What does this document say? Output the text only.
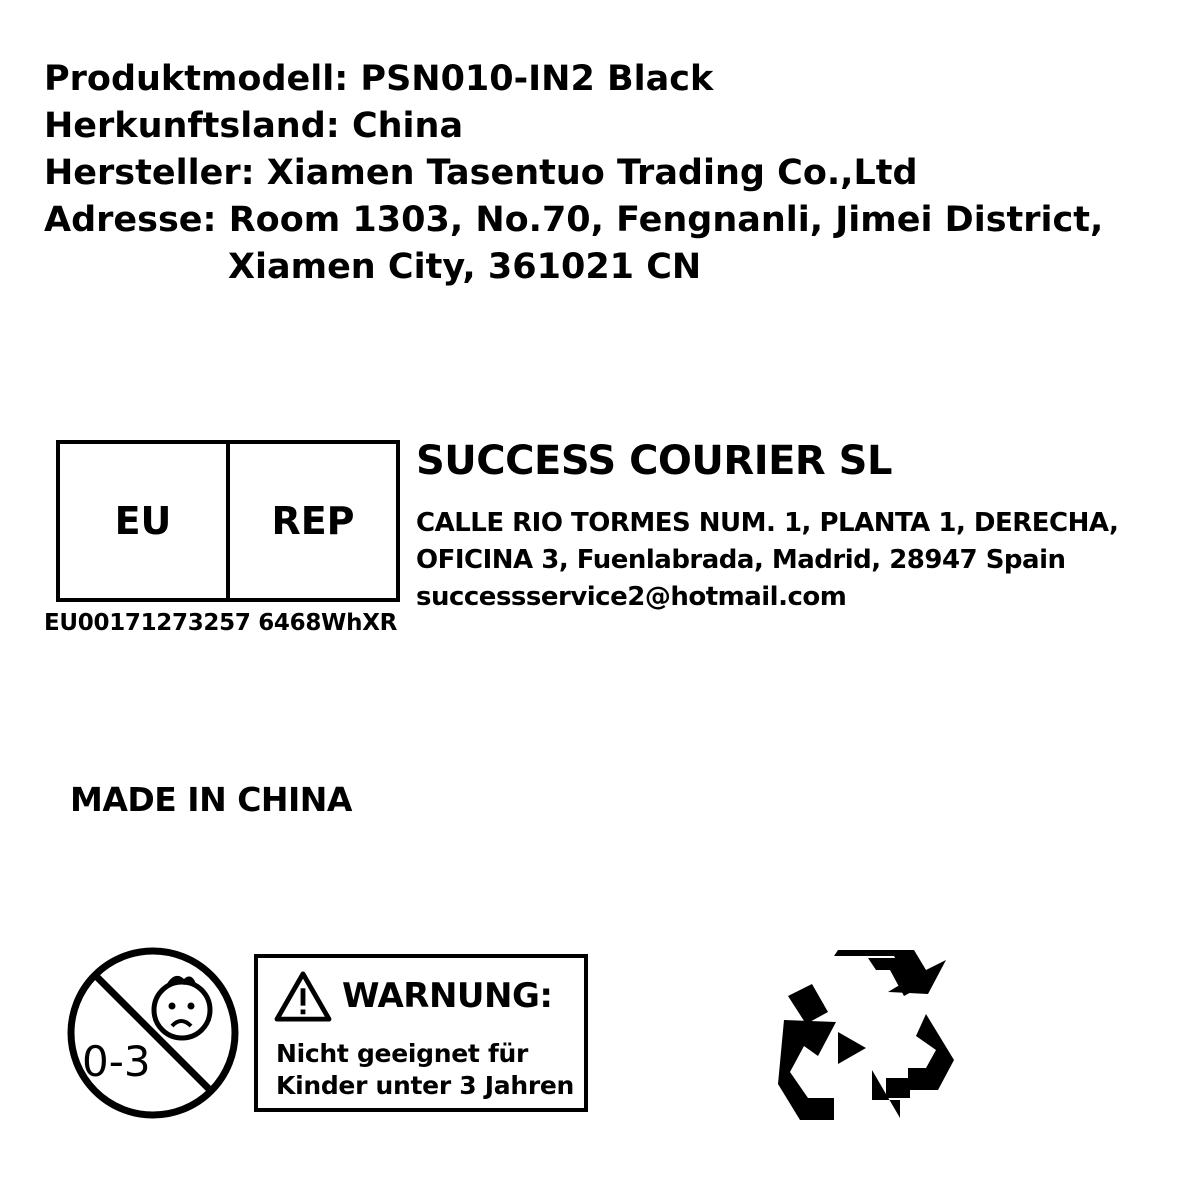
Produktmodell: PSN010-IN2 Black
Herkunftsland: China
Hersteller: Xiamen Tasentuo Trading Co.,Ltd
Adresse: Room 1303, No.70, Fengnanli, Jimei District,
Xiamen City, 361021 CN
EU	REP
EU00171273257 6468WhXR
SUCCESS COURIER SL
CALLE RIO TORMES NUM. 1, PLANTA 1, DERECHA,
OFICINA 3, Fuenlabrada, Madrid, 28947 Spain
successservice2@hotmail.com
MADE IN CHINA
0-3
WARNUNG:
Nicht geeignet für
Kinder unter 3 Jahren
